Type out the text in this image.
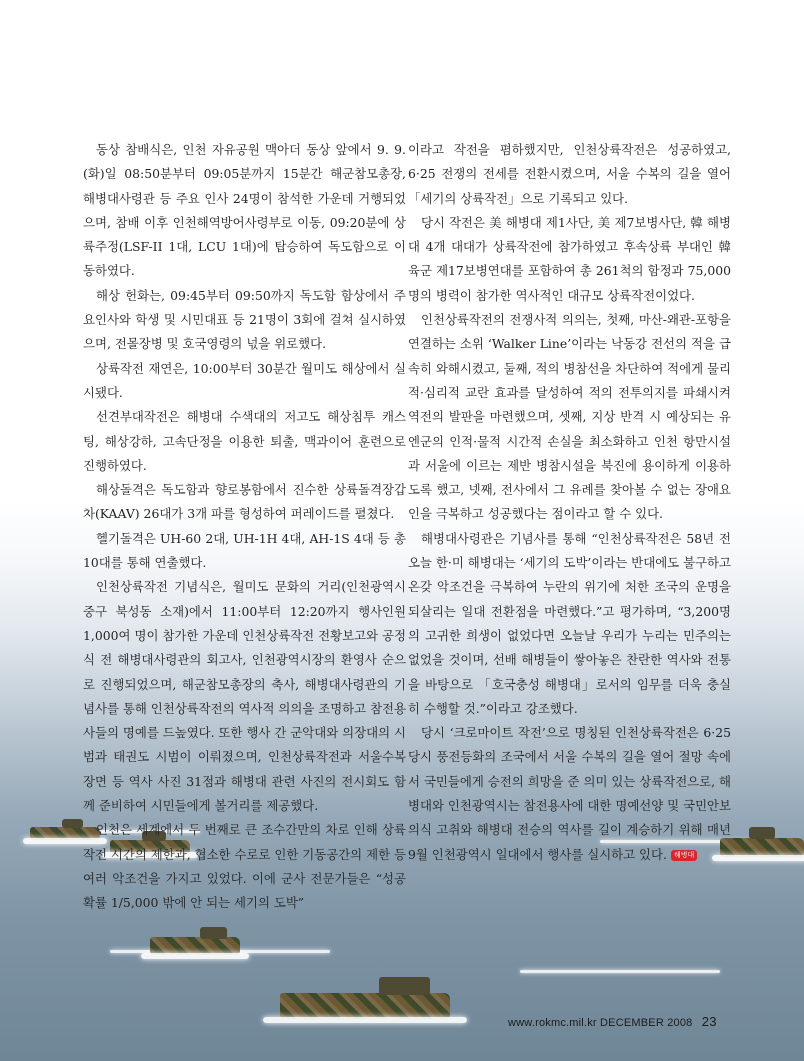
동상 참배식은, 인천 자유공원 맥아더 동상 앞에서 9. 9.(화)일 08:50분부터 09:05분까지 15분간 해군참모총장, 해병대사령관 등 주요 인사 24명이 참석한 가운데 거행되었으며, 참배 이후 인천해역방어사령부로 이동, 09:20분에 상륙주정(LSF-II 1대, LCU 1대)에 탑승하여 독도함으로 이동하였다.

해상 헌화는, 09:45부터 09:50까지 독도함 함상에서 주요인사와 학생 및 시민대표 등 21명이 3회에 걸쳐 실시하였으며, 전몰장병 및 호국영령의 넋을 위로했다.

상륙작전 재연은, 10:00부터 30분간 월미도 해상에서 실시됐다.

선견부대작전은 해병대 수색대의 저고도 해상침투 캐스팅, 해상강하, 고속단정을 이용한 퇴출, 맥과이어 훈련으로 진행하였다.

해상돌격은 독도함과 향로봉함에서 진수한 상륙돌격장갑차(KAAV) 26대가 3개 파를 형성하여 퍼레이드를 펼쳤다.

헬기돌격은 UH-60 2대, UH-1H 4대, AH-1S 4대 등 총 10대를 통해 연출했다.

인천상륙작전 기념식은, 월미도 문화의 거리(인천광역시 중구 북성동 소재)에서 11:00부터 12:20까지 행사인원 1,000여 명이 참가한 가운데 인천상륙작전 전황보고와 공정식 전 해병대사령관의 회고사, 인천광역시장의 환영사 순으로 진행되었으며, 해군참모총장의 축사, 해병대사령관의 기념사를 통해 인천상륙작전의 역사적 의의을 조명하고 참전용사들의 명예를 드높였다. 또한 행사 간 군악대와 의장대의 시범과 태권도 시범이 이뤄졌으며, 인천상륙작전과 서울수복 장면 등 역사 사진 31점과 해병대 관련 사진의 전시회도 함께 준비하여 시민들에게 볼거리를 제공했다.

인천은 세계에서 두 번째로 큰 조수간만의 차로 인해 상륙작전 시간의 제한과, 협소한 수로로 인한 기동공간의 제한 등 여러 악조건을 가지고 있었다. 이에 군사 전문가들은 “성공확률 1/5,000 밖에 안 되는 세기의 도박”

이라고 작전을 폄하했지만, 인천상륙작전은 성공하였고, 6·25 전쟁의 전세를 전환시켰으며, 서울 수복의 길을 열어 「세기의 상륙작전」으로 기록되고 있다.

당시 작전은 美 해병대 제1사단, 美 제7보병사단, 韓 해병대 4개 대대가 상륙작전에 참가하였고 후속상륙 부대인 韓 육군 제17보병연대를 포함하여 총 261척의 함정과 75,000명의 병력이 참가한 역사적인 대규모 상륙작전이었다.

인천상륙작전의 전쟁사적 의의는, 첫째, 마산-왜관-포항을 연결하는 소위 ‘Walker Line’이라는 낙동강 전선의 적을 급속히 와해시켰고, 둘째, 적의 병참선을 차단하여 적에게 물리적·심리적 교란 효과를 달성하여 적의 전투의지를 파쇄시켜 역전의 발판을 마련했으며, 셋째, 지상 반격 시 예상되는 유엔군의 인적·물적 시간적 손실을 최소화하고 인천 항만시설과 서울에 이르는 제반 병참시설을 북진에 용이하게 이용하도록 했고, 넷째, 전사에서 그 유례를 찾아볼 수 없는 장애요인을 극복하고 성공했다는 점이라고 할 수 있다.

해병대사령관은 기념사를 통해 “인천상륙작전은 58년 전 오늘 한·미 해병대는 ‘세기의 도박’이라는 반대에도 불구하고 온갖 악조건을 극복하여 누란의 위기에 처한 조국의 운명을 되살리는 일대 전환점을 마련했다.”고 평가하며, “3,200명의 고귀한 희생이 없었다면 오늘날 우리가 누리는 민주의는 없었을 것이며, 선배 해병들이 쌓아놓은 찬란한 역사와 전통을 바탕으로 「호국충성 해병대」로서의 임무를 더욱 충실히 수행할 것.”이라고 강조했다.

당시 ‘크로마이트 작전’으로 명칭된 인천상륙작전은 6·25 당시 풍전등화의 조국에서 서울 수복의 길을 열어 절망 속에서 국민들에게 승전의 희망을 준 의미 있는 상륙작전으로, 해병대와 인천광역시는 참전용사에 대한 명예선양 및 국민안보의식 고취와 해병대 전승의 역사를 길이 계승하기 위해 매년 9월 인천광역시 일대에서 행사를 실시하고 있다. 해병대

www.rokmc.mil.kr DECEMBER 2008 23
